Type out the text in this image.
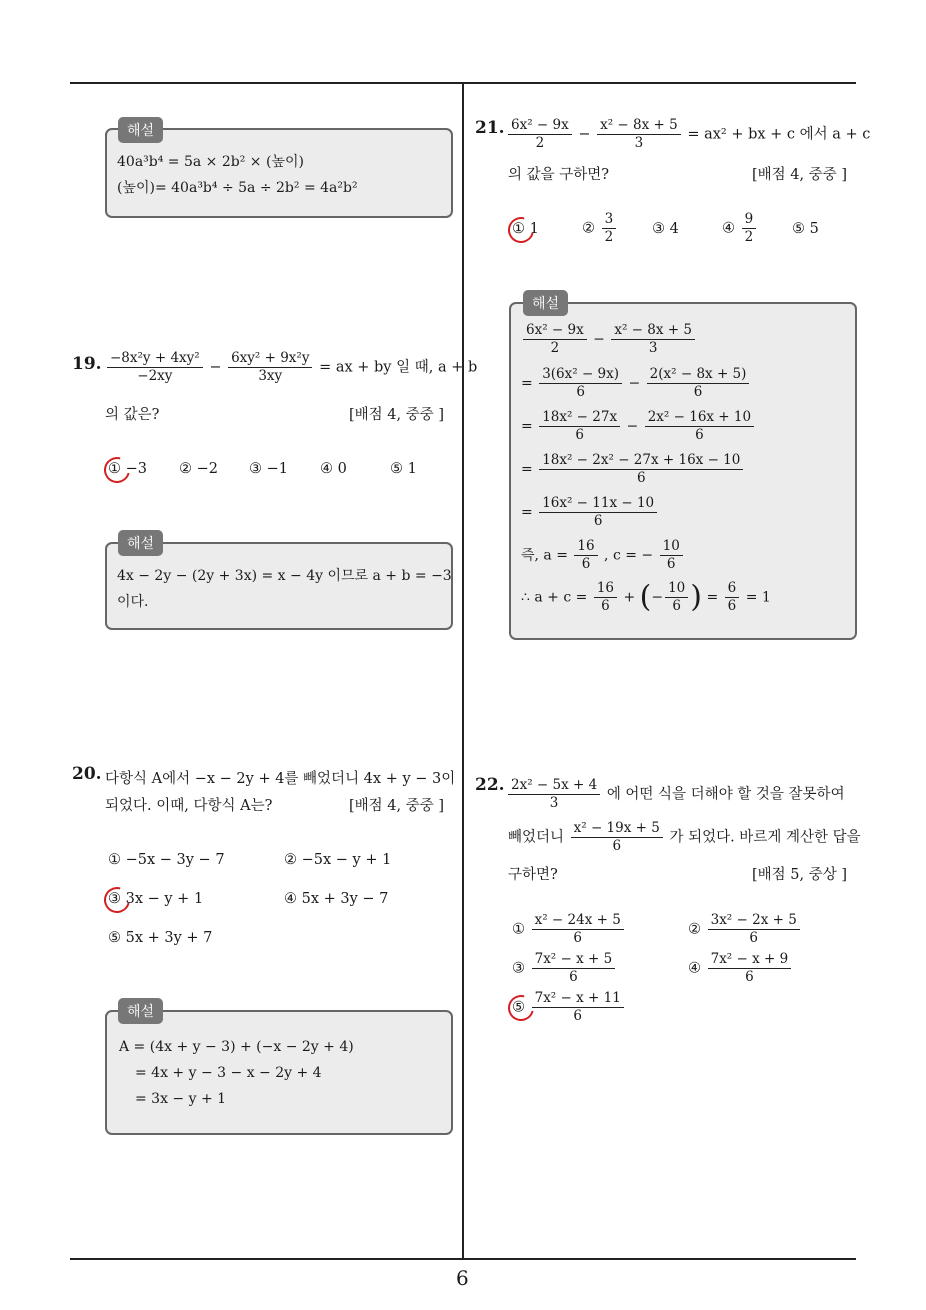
6
해설
40a³b⁴ = 5a × 2b² × (높이)
(높이)= 40a³b⁴ ÷ 5a ÷ 2b² = 4a²b²
19. $\frac{\text{−8x²y + 4xy²}}{-2xy} - \frac{\text{6xy² + 9x²y}}{3xy}$ = ax + by 일 때, a + b
의 값은?	[배점 4, 중중 ]
① −3 ② −2 ③ −1 ④ 0	⑤ 1
해설
4x − 2y − (2y + 3x) = x − 4y 이므로 a + b = −3
이다.
20. 다항식 A에서 −x − 2y + 4를 빼었더니 4x + y − 3이
되었다. 이때, 다항식 A는?	[배점 4, 중중 ]
① −5x − 3y − 7	② −5x − y + 1
③ 3x − y + 1	④ 5x + 3y − 7
⑤ 5x + 3y + 7
해설
A = (4x + y − 3) + (−x − 2y + 4)
= 4x + y − 3 − x − 2y + 4
= 3x − y + 1
21. $\frac{\text{6x² − 9x}}{2} - \frac{\text{x² − 8x + 5}}{3} = ax^2$ + bx + c 에서 a + c
의 값을 구하면?	[배점 4, 중중 ]
① 1	② $\frac{3}{2}$ ③ 4	④ $\frac{9}{2}$ ⑤ 5
해설
$\frac{\text{6x² − 9x}}{2} - \frac{\text{x² − 8x + 5}}{3}$
= $\frac{\text{3(6x² − 9x)}}{6} - \frac{\text{2(x² − 8x + 5)}}{6}$
= $\frac{\text{18x² − 27x}}{6} - \frac{\text{2x² − 16x + 10}}{6}$
= $\frac{\text{18x² − 2x² − 27x + 16x − 10}}{6}$
= $\frac{\text{16x² − 11x − 10}}{6}$
즉, $a = \frac{16}{6}$ , c = − $\frac{10}{6}$
∴ $a + c = \frac{16}{6}$ + (− $\frac{10}{6}$ ) = $\frac{6}{6} = 1$
22. $\frac{\text{2x² − 5x + 4}}{3}$ 에 어떤 식을 더해야 할 것을 잘못하여
빼었더니 $\frac{\text{x² − 19x + 5}}{6}$ 가 되었다. 바르게 계산한 답을
구하면?	[배점 5, 중상 ]
① $\frac{\text{x² − 24x + 5}}{6}$	② $\frac{\text{3x² − 2x + 5}}{6}$
③ $\frac{\text{7x² − x + 5}}{6}$	④ $\frac{\text{7x² − x + 9}}{6}$
⑤ $\frac{\text{7x² − x + 11}}{6}$
